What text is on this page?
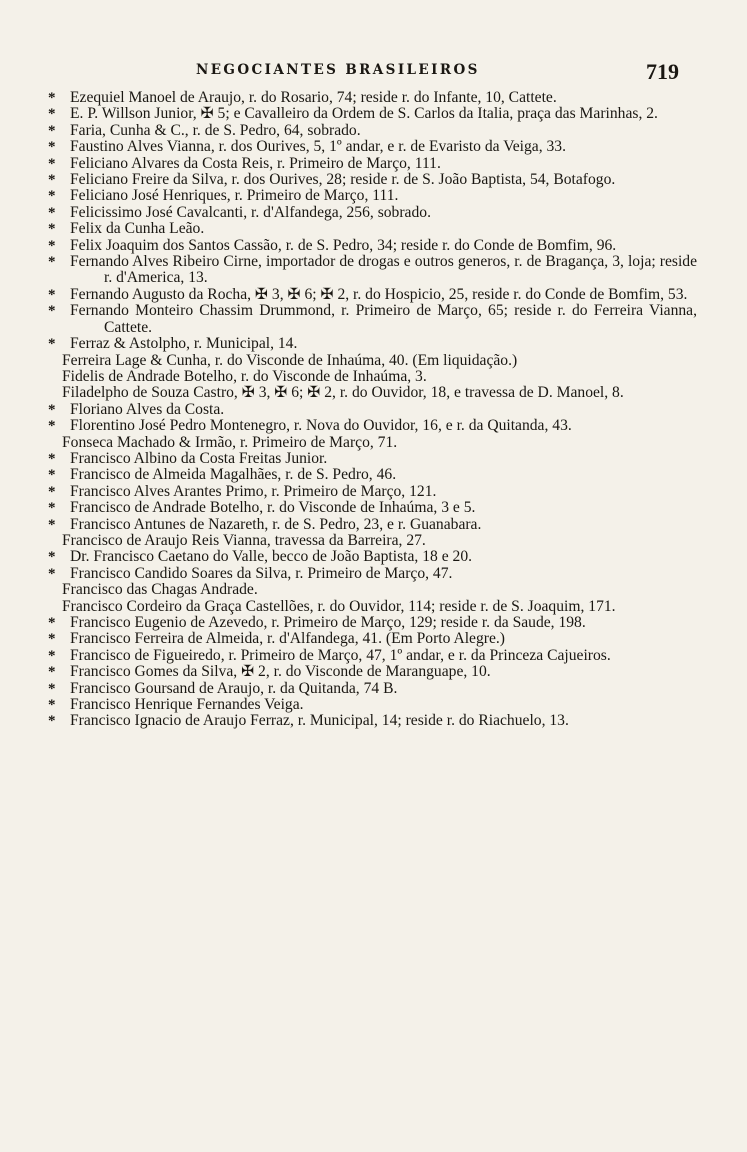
NEGOCIANTES BRASILEIROS	719

* Ezequiel Manoel de Araujo, r. do Rosario, 74; reside r. do Infante, 10, Cattete.

* E. P. Willson Junior, ✠ 5; e Cavalleiro da Ordem de S. Carlos da Italia, praça das Marinhas, 2.

* Faria, Cunha & C., r. de S. Pedro, 64, sobrado.

* Faustino Alves Vianna, r. dos Ourives, 5, 1º andar, e r. de Evaristo da Veiga, 33.

* Feliciano Alvares da Costa Reis, r. Primeiro de Março, 111.

* Feliciano Freire da Silva, r. dos Ourives, 28; reside r. de S. João Baptista, 54, Botafogo.

* Feliciano José Henriques, r. Primeiro de Março, 111.

* Felicissimo José Cavalcanti, r. d'Alfandega, 256, sobrado.

* Felix da Cunha Leão.

* Felix Joaquim dos Santos Cassão, r. de S. Pedro, 34; reside r. do Conde de Bomfim, 96.

* Fernando Alves Ribeiro Cirne, importador de drogas e outros generos, r. de Bragança, 3, loja; reside r. d'America, 13.

* Fernando Augusto da Rocha, ✠ 3, ✠ 6; ✠ 2, r. do Hospicio, 25, reside r. do Conde de Bomfim, 53.

* Fernando Monteiro Chassim Drummond, r. Primeiro de Março, 65; reside r. do Ferreira Vianna, Cattete.

* Ferraz & Astolpho, r. Municipal, 14.

Ferreira Lage & Cunha, r. do Visconde de Inhaúma, 40. (Em liquidação.)

Fidelis de Andrade Botelho, r. do Visconde de Inhaúma, 3.

Filadelpho de Souza Castro, ✠ 3, ✠ 6; ✠ 2, r. do Ouvidor, 18, e travessa de D. Manoel, 8.

* Floriano Alves da Costa.

* Florentino José Pedro Montenegro, r. Nova do Ouvidor, 16, e r. da Quitanda, 43.

Fonseca Machado & Irmão, r. Primeiro de Março, 71.

* Francisco Albino da Costa Freitas Junior.

* Francisco de Almeida Magalhães, r. de S. Pedro, 46.

* Francisco Alves Arantes Primo, r. Primeiro de Março, 121.

* Francisco de Andrade Botelho, r. do Visconde de Inhaúma, 3 e 5.

* Francisco Antunes de Nazareth, r. de S. Pedro, 23, e r. Guanabara.

Francisco de Araujo Reis Vianna, travessa da Barreira, 27.

* Dr. Francisco Caetano do Valle, becco de João Baptista, 18 e 20.

* Francisco Candido Soares da Silva, r. Primeiro de Março, 47.

Francisco das Chagas Andrade.

Francisco Cordeiro da Graça Castellões, r. do Ouvidor, 114; reside r. de S. Joaquim, 171.

* Francisco Eugenio de Azevedo, r. Primeiro de Março, 129; reside r. da Saude, 198.

* Francisco Ferreira de Almeida, r. d'Alfandega, 41. (Em Porto Alegre.)

* Francisco de Figueiredo, r. Primeiro de Março, 47, 1º andar, e r. da Princeza Cajueiros.

* Francisco Gomes da Silva, ✠ 2, r. do Visconde de Maranguape, 10.

* Francisco Goursand de Araujo, r. da Quitanda, 74 B.

* Francisco Henrique Fernandes Veiga.

* Francisco Ignacio de Araujo Ferraz, r. Municipal, 14; reside r. do Riachuelo, 13.
